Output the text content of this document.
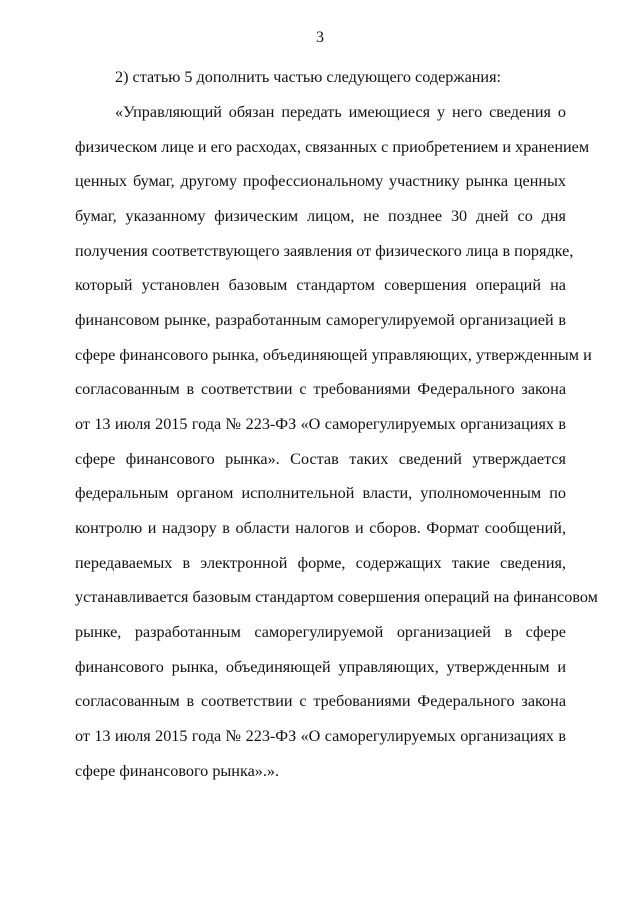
3
2) статью 5 дополнить частью следующего содержания:
«Управляющий обязан передать имеющиеся у него сведения о
физическом лице и его расходах, связанных с приобретением и хранением
ценных бумаг, другому профессиональному участнику рынка ценных
бумаг, указанному физическим лицом, не позднее 30 дней со дня
получения соответствующего заявления от физического лица в порядке,
который установлен базовым стандартом совершения операций на
финансовом рынке, разработанным саморегулируемой организацией в
сфере финансового рынка, объединяющей управляющих, утвержденным и
согласованным в соответствии с требованиями Федерального закона
от 13 июля 2015 года № 223-ФЗ «О саморегулируемых организациях в
сфере финансового рынка». Состав таких сведений утверждается
федеральным органом исполнительной власти, уполномоченным по
контролю и надзору в области налогов и сборов. Формат сообщений,
передаваемых в электронной форме, содержащих такие сведения,
устанавливается базовым стандартом совершения операций на финансовом
рынке, разработанным саморегулируемой организацией в сфере
финансового рынка, объединяющей управляющих, утвержденным и
согласованным в соответствии с требованиями Федерального закона
от 13 июля 2015 года № 223-ФЗ «О саморегулируемых организациях в
сфере финансового рынка».».
